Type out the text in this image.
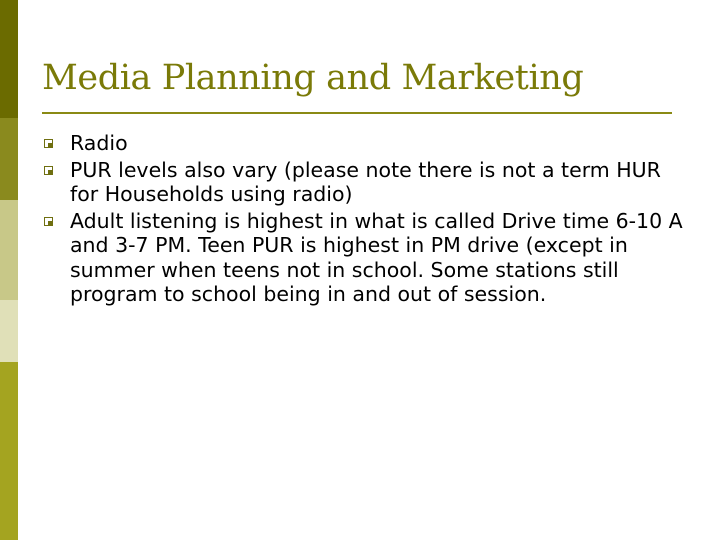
Media Planning and Marketing
Radio
PUR levels also vary (please note there is not a term HUR for Households using radio)
Adult listening is highest in what is called Drive time 6-10 A and 3-7 PM. Teen PUR is highest in PM drive (except in summer when teens not in school. Some stations still program to school being in and out of session.
